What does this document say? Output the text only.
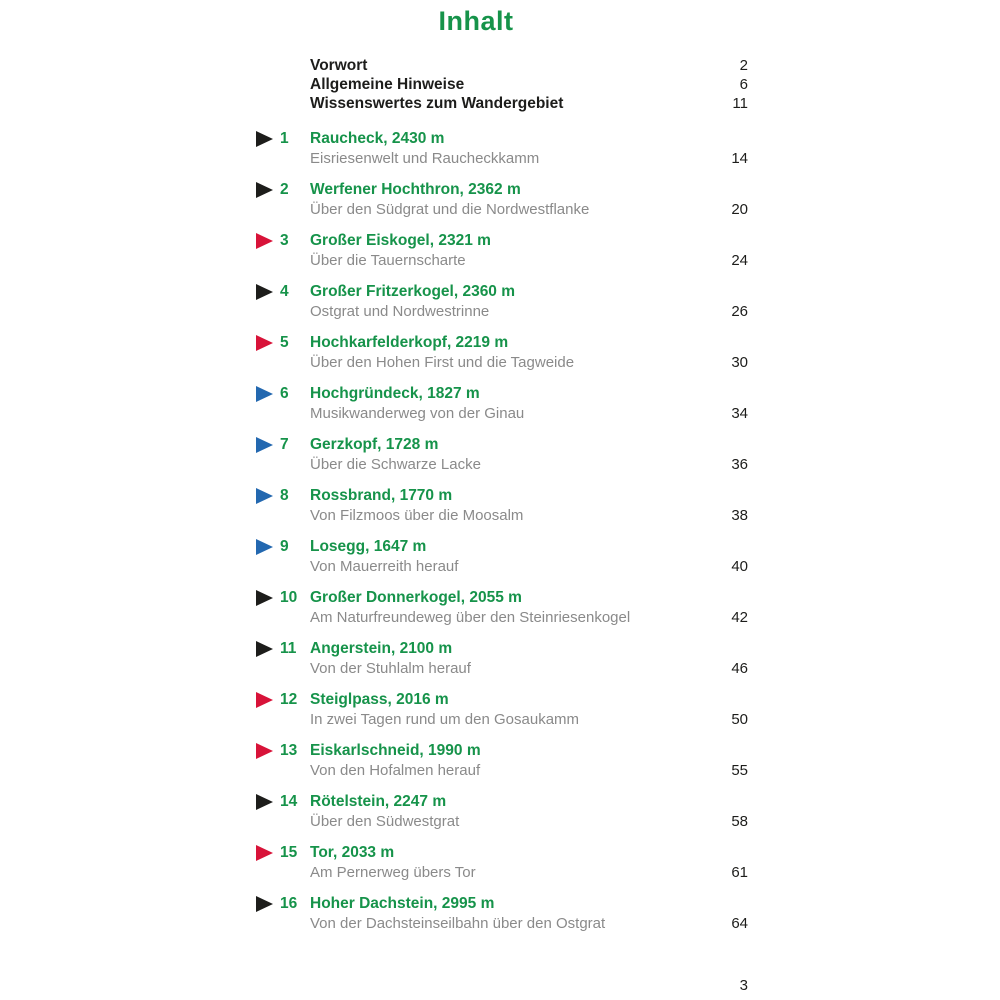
Inhalt
Vorwort	2
Allgemeine Hinweise	6
Wissenswertes zum Wandergebiet	11
1 Raucheck, 2430 m
Eisriesenwelt und Raucheckkamm	14
2 Werfener Hochthron, 2362 m
Über den Südgrat und die Nordwestflanke	20
3 Großer Eiskogel, 2321 m
Über die Tauernscharte	24
4 Großer Fritzerkogel, 2360 m
Ostgrat und Nordwestrinne	26
5 Hochkarfelderkopf, 2219 m
Über den Hohen First und die Tagweide	30
6 Hochgründeck, 1827 m
Musikwanderweg von der Ginau	34
7 Gerzkopf, 1728 m
Über die Schwarze Lacke	36
8 Rossbrand, 1770 m
Von Filzmoos über die Moosalm	38
9 Losegg, 1647 m
Von Mauerreith herauf	40
10 Großer Donnerkogel, 2055 m
Am Naturfreundeweg über den Steinriesenkogel	42
11 Angerstein, 2100 m
Von der Stuhlalm herauf	46
12 Steiglpass, 2016 m
In zwei Tagen rund um den Gosaukamm	50
13 Eiskarlschneid, 1990 m
Von den Hofalmen herauf	55
14 Rötelstein, 2247 m
Über den Südwestgrat	58
15 Tor, 2033 m
Am Pernerweg übers Tor	61
16 Hoher Dachstein, 2995 m
Von der Dachsteinseilbahn über den Ostgrat	64
3
